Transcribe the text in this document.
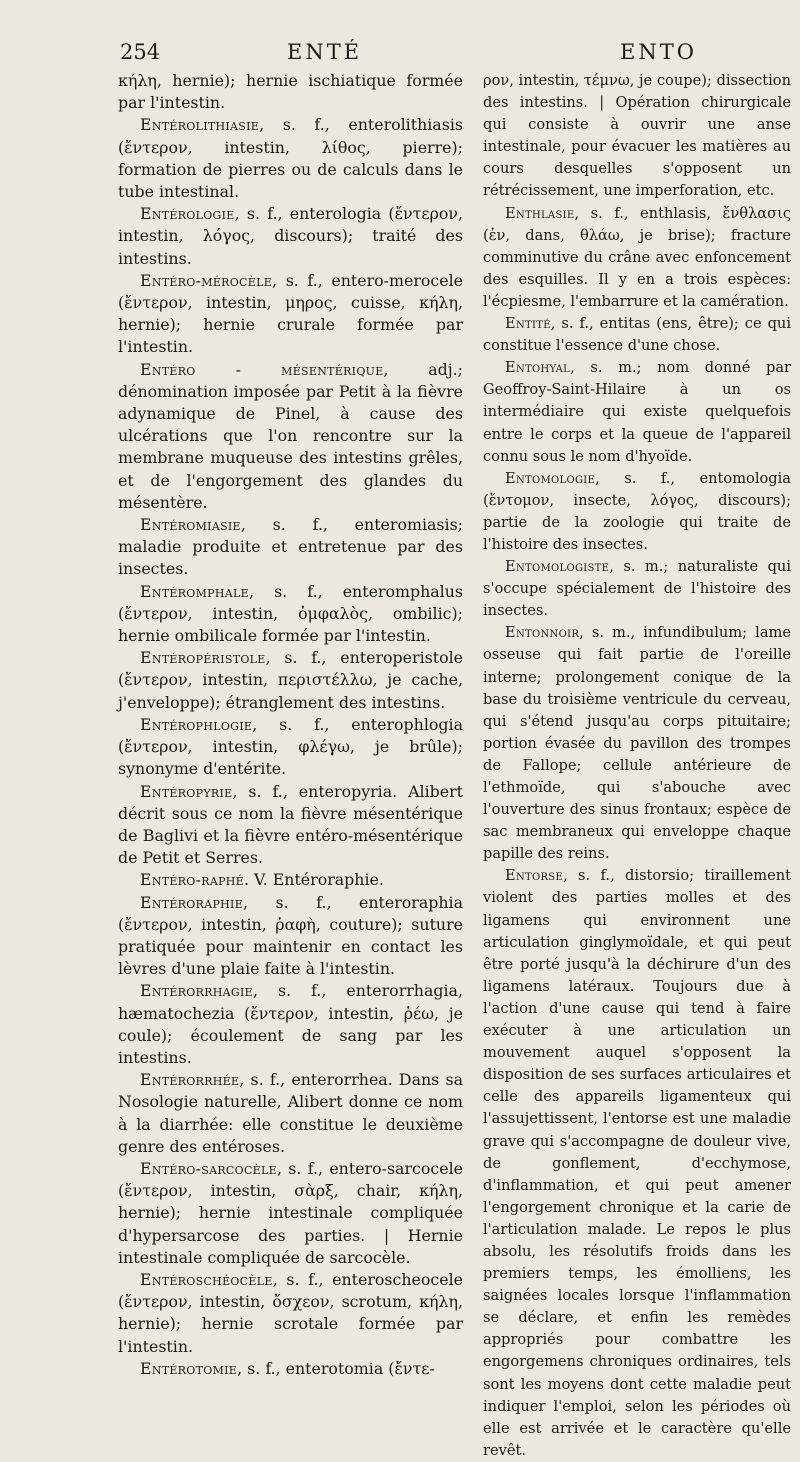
254	ENTÉ	ENTO

κήλη, hernie); hernie ischiatique formée par l'intestin.

Entérolithiasie, s. f., enterolithiasis (ἔντερον, intestin, λίθος, pierre); formation de pierres ou de calculs dans le tube intestinal.

Entérologie, s. f., enterologia (ἔντερον, intestin, λόγος, discours); traité des intestins.

Entéro-mérocèle, s. f., entero-merocele (ἔντερον, intestin, μηρος, cuisse, κήλη, hernie); hernie crurale formée par l'intestin.

Entéro - mésentérique, adj.; dénomination imposée par Petit à la fièvre adynamique de Pinel, à cause des ulcérations que l'on rencontre sur la membrane muqueuse des intestins grêles, et de l'engorgement des glandes du mésentère.

Entéromiasie, s. f., enteromiasis; maladie produite et entretenue par des insectes.

Entéromphale, s. f., enteromphalus (ἔντερον, intestin, ὀμφαλὸς, ombilic); hernie ombilicale formée par l'intestin.

Entéropéristole, s. f., enteroperistole (ἔντερον, intestin, περιστέλλω, je cache, j'enveloppe); étranglement des intestins.

Entérophlogie, s. f., enterophlogia (ἔντερον, intestin, φλέγω, je brûle); synonyme d'entérite.

Entéropyrie, s. f., enteropyria. Alibert décrit sous ce nom la fièvre mésentérique de Baglivi et la fièvre entéro-mésentérique de Petit et Serres.

Entéro-raphé. V. Entéroraphie.

Entéroraphie, s. f., enteroraphia (ἔντερον, intestin, ῥαφὴ, couture); suture pratiquée pour maintenir en contact les lèvres d'une plaie faite à l'intestin.

Entérorrhagie, s. f., enterorrhagia, hæmatochezia (ἔντερον, intestin, ῥέω, je coule); écoulement de sang par les intestins.

Entérorrhée, s. f., enterorrhea. Dans sa Nosologie naturelle, Alibert donne ce nom à la diarrhée: elle constitue le deuxième genre des entéroses.

Entéro-sarcocèle, s. f., entero-sarcocele (ἔντερον, intestin, σὰρξ, chair, κήλη, hernie); hernie intestinale compliquée d'hypersarcose des parties. | Hernie intestinale compliquée de sarcocèle.

Entéroschéocèle, s. f., enteroscheocele (ἔντερον, intestin, ὄσχεον, scrotum, κήλη, hernie); hernie scrotale formée par l'intestin.

Entérotomie, s. f., enterotomia (ἔντε-

ρον, intestin, τέμνω, je coupe); dissection des intestins. | Opération chirurgicale qui consiste à ouvrir une anse intestinale, pour évacuer les matières au cours desquelles s'opposent un rétrécissement, une imperforation, etc.

Enthlasie, s. f., enthlasis, ἔνθλασις (ἐν, dans, θλάω, je brise); fracture comminutive du crâne avec enfoncement des esquilles. Il y en a trois espèces: l'écpiesme, l'embarrure et la camération.

Entité, s. f., entitas (ens, être); ce qui constitue l'essence d'une chose.

Entohyal, s. m.; nom donné par Geoffroy-Saint-Hilaire à un os intermédiaire qui existe quelquefois entre le corps et la queue de l'appareil connu sous le nom d'hyoïde.

Entomologie, s. f., entomologia (ἔντομον, insecte, λόγος, discours); partie de la zoologie qui traite de l'histoire des insectes.

Entomologiste, s. m.; naturaliste qui s'occupe spécialement de l'histoire des insectes.

Entonnoir, s. m., infundibulum; lame osseuse qui fait partie de l'oreille interne; prolongement conique de la base du troisième ventricule du cerveau, qui s'étend jusqu'au corps pituitaire; portion évasée du pavillon des trompes de Fallope; cellule antérieure de l'ethmoïde, qui s'abouche avec l'ouverture des sinus frontaux; espèce de sac membraneux qui enveloppe chaque papille des reins.

Entorse, s. f., distorsio; tiraillement violent des parties molles et des ligamens qui environnent une articulation ginglymoïdale, et qui peut être porté jusqu'à la déchirure d'un des ligamens latéraux. Toujours due à l'action d'une cause qui tend à faire exécuter à une articulation un mouvement auquel s'opposent la disposition de ses surfaces articulaires et celle des appareils ligamenteux qui l'assujettissent, l'entorse est une maladie grave qui s'accompagne de douleur vive, de gonflement, d'ecchymose, d'inflammation, et qui peut amener l'engorgement chronique et la carie de l'articulation malade. Le repos le plus absolu, les résolutifs froids dans les premiers temps, les émolliens, les saignées locales lorsque l'inflammation se déclare, et enfin les remèdes appropriés pour combattre les engorgemens chroniques ordinaires, tels sont les moyens dont cette maladie peut indiquer l'emploi, selon les périodes où elle est arrivée et le caractère qu'elle revêt.
